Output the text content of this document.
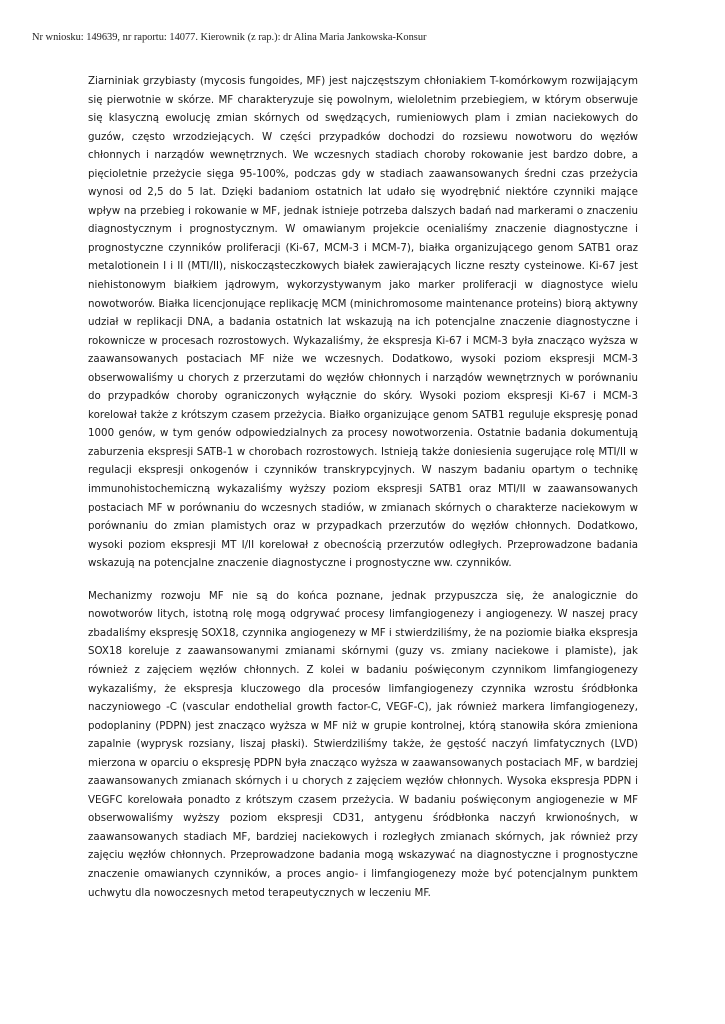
Nr wniosku: 149639, nr raportu: 14077. Kierownik (z rap.): dr Alina Maria Jankowska-Konsur

Ziarniniak grzybiasty (mycosis fungoides, MF) jest najczęstszym chłoniakiem T-komórkowym rozwijającym się pierwotnie w skórze. MF charakteryzuje się powolnym, wieloletnim przebiegiem, w którym obserwuje się klasyczną ewolucję zmian skórnych od swędzących, rumieniowych plam i zmian naciekowych do guzów, często wrzodziejących. W części przypadków dochodzi do rozsiewu nowotworu do węzłów chłonnych i narządów wewnętrznych. We wczesnych stadiach choroby rokowanie jest bardzo dobre, a pięcioletnie przeżycie sięga 95-100%, podczas gdy w stadiach zaawansowanych średni czas przeżycia wynosi od 2,5 do 5 lat. Dzięki badaniom ostatnich lat udało się wyodrębnić niektóre czynniki mające wpływ na przebieg i rokowanie w MF, jednak istnieje potrzeba dalszych badań nad markerami o znaczeniu diagnostycznym i prognostycznym. W omawianym projekcie ocenialiśmy znaczenie diagnostyczne i prognostyczne czynników proliferacji (Ki-67, MCM-3 i MCM-7), białka organizującego genom SATB1 oraz metalotionein I i II (MTI/II), niskocząsteczkowych białek zawierających liczne reszty cysteinowe. Ki-67 jest niehistonowym białkiem jądrowym, wykorzystywanym jako marker proliferacji w diagnostyce wielu nowotworów. Białka licencjonujące replikację MCM (minichromosome maintenance proteins) biorą aktywny udział w replikacji DNA, a badania ostatnich lat wskazują na ich potencjalne znaczenie diagnostyczne i rokownicze w procesach rozrostowych. Wykazaliśmy, że ekspresja Ki-67 i MCM-3 była znacząco wyższa w zaawansowanych postaciach MF niże we wczesnych. Dodatkowo, wysoki poziom ekspresji MCM-3 obserwowaliśmy u chorych z przerzutami do węzłów chłonnych i narządów wewnętrznych w porównaniu do przypadków choroby ograniczonych wyłącznie do skóry. Wysoki poziom ekspresji Ki-67 i MCM-3 korelował także z krótszym czasem przeżycia. Białko organizujące genom SATB1 reguluje ekspresję ponad 1000 genów, w tym genów odpowiedzialnych za procesy nowotworzenia. Ostatnie badania dokumentują zaburzenia ekspresji SATB-1 w chorobach rozrostowych. Istnieją także doniesienia sugerujące rolę MTI/II w regulacji ekspresji onkogenów i czynników transkrypcyjnych. W naszym badaniu opartym o technikę immunohistochemiczną wykazaliśmy wyższy poziom ekspresji SATB1 oraz MTI/II w zaawansowanych postaciach MF w porównaniu do wczesnych stadiów, w zmianach skórnych o charakterze naciekowym w porównaniu do zmian plamistych oraz w przypadkach przerzutów do węzłów chłonnych. Dodatkowo, wysoki poziom ekspresji MT I/II korelował z obecnością przerzutów odległych. Przeprowadzone badania wskazują na potencjalne znaczenie diagnostyczne i prognostyczne ww. czynników.

Mechanizmy rozwoju MF nie są do końca poznane, jednak przypuszcza się, że analogicznie do nowotworów litych, istotną rolę mogą odgrywać procesy limfangiogenezy i angiogenezy. W naszej pracy zbadaliśmy ekspresję SOX18, czynnika angiogenezy w MF i stwierdziliśmy, że na poziomie białka ekspresja SOX18 koreluje z zaawansowanymi zmianami skórnymi (guzy vs. zmiany naciekowe i plamiste), jak również z zajęciem węzłów chłonnych. Z kolei w badaniu poświęconym czynnikom limfangiogenezy wykazaliśmy, że ekspresja kluczowego dla procesów limfangiogenezy czynnika wzrostu śródbłonka naczyniowego -C (vascular endothelial growth factor-C, VEGF-C), jak również markera limfangiogenezy, podoplaniny (PDPN) jest znacząco wyższa w MF niż w grupie kontrolnej, którą stanowiła skóra zmieniona zapalnie (wyprysk rozsiany, liszaj płaski). Stwierdziliśmy także, że gęstość naczyń limfatycznych (LVD) mierzona w oparciu o ekspresję PDPN była znacząco wyższa w zaawansowanych postaciach MF, w bardziej zaawansowanych zmianach skórnych i u chorych z zajęciem węzłów chłonnych. Wysoka ekspresja PDPN i VEGFC korelowała ponadto z krótszym czasem przeżycia. W badaniu poświęconym angiogenezie w MF obserwowaliśmy wyższy poziom ekspresji CD31, antygenu śródbłonka naczyń krwionośnych, w zaawansowanych stadiach MF, bardziej naciekowych i rozległych zmianach skórnych, jak również przy zajęciu węzłów chłonnych. Przeprowadzone badania mogą wskazywać na diagnostyczne i prognostyczne znaczenie omawianych czynników, a proces angio- i limfangiogenezy może być potencjalnym punktem uchwytu dla nowoczesnych metod terapeutycznych w leczeniu MF.
